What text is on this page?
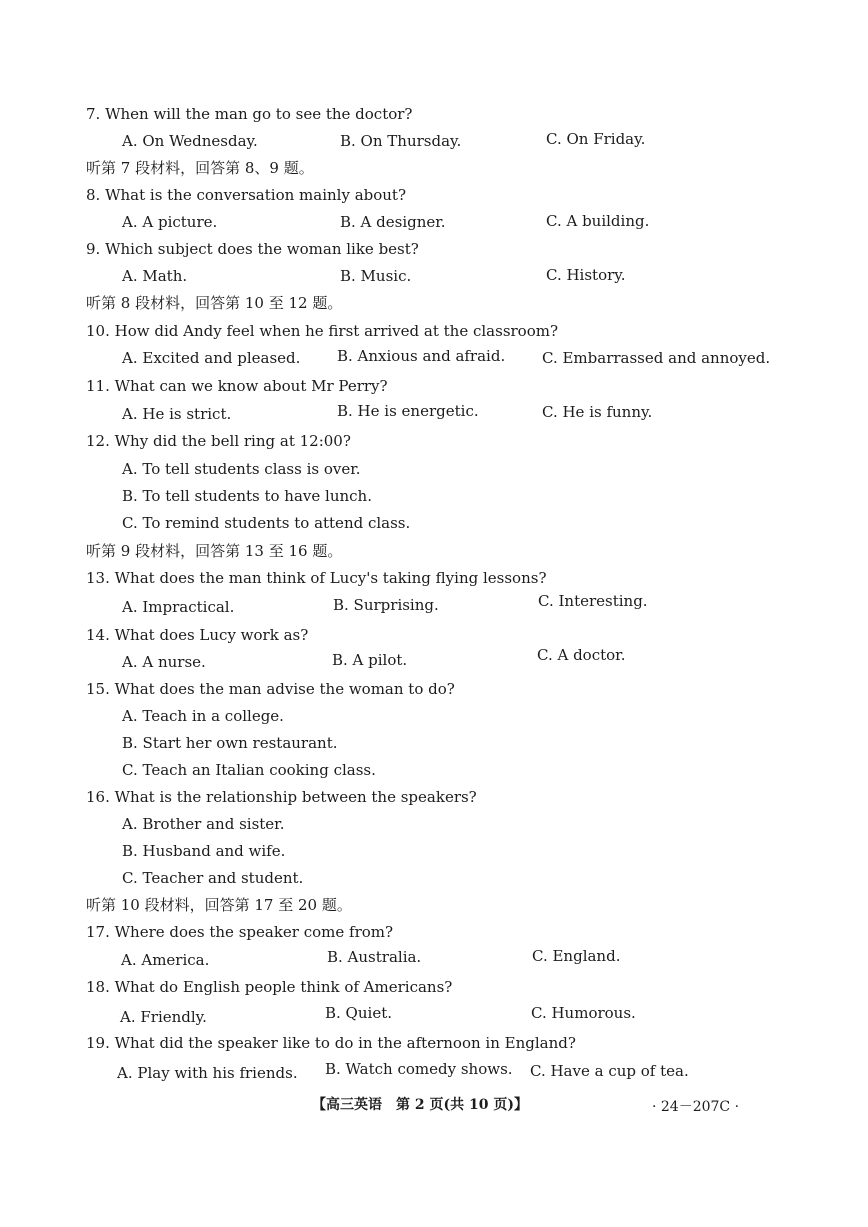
7. When will the man go to see the doctor?
A. On Wednesday.	B. On Thursday.	C. On Friday.
听第 7 段材料，回答第 8、9 题。
8. What is the conversation mainly about?
A. A picture.	B. A designer.	C. A building.
9. Which subject does the woman like best?
A. Math.	B. Music.	C. History.
听第 8 段材料，回答第 10 至 12 题。
10. How did Andy feel when he first arrived at the classroom?
A. Excited and pleased. B. Anxious and afraid. C. Embarrassed and annoyed.
11. What can we know about Mr Perry?
A. He is strict.	B. He is energetic.	C. He is funny.
12. Why did the bell ring at 12:00?
A. To tell students class is over.
B. To tell students to have lunch.
C. To remind students to attend class.
听第 9 段材料，回答第 13 至 16 题。
13. What does the man think of Lucy's taking flying lessons?
A. Impractical.	B. Surprising.	C. Interesting.
14. What does Lucy work as?
A. A nurse.	B. A pilot.	C. A doctor.
15. What does the man advise the woman to do?
A. Teach in a college.
B. Start her own restaurant.
C. Teach an Italian cooking class.
16. What is the relationship between the speakers?
A. Brother and sister.
B. Husband and wife.
C. Teacher and student.
听第 10 段材料，回答第 17 至 20 题。
17. Where does the speaker come from?
A. America.	B. Australia.	C. England.
18. What do English people think of Americans?
A. Friendly.	B. Quiet.	C. Humorous.
19. What did the speaker like to do in the afternoon in England?
A. Play with his friends. B. Watch comedy shows. C. Have a cup of tea.
【高三英语　第 2 页(共 10 页)】	· 24－207C ·
